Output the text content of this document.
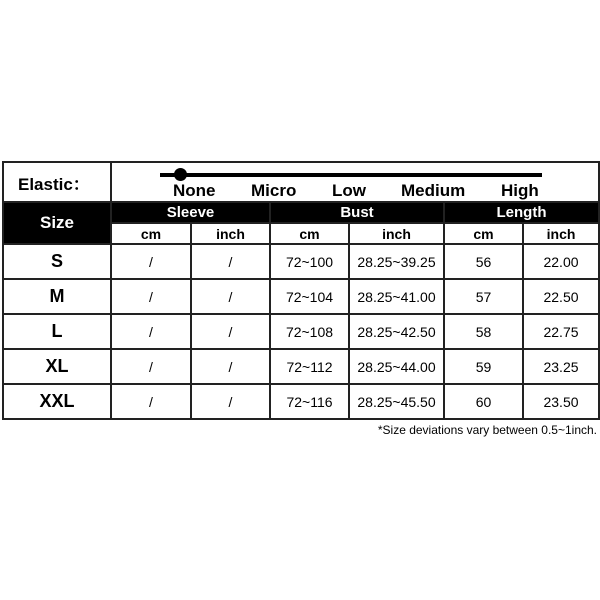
Elastic：	None Micro Low Medium High					

Size	Sleeve		Bust		Length	
	cm	inch	cm	inch	cm	inch
S	/	/	72~100	28.25~39.25	56	22.00
M	/	/	72~104	28.25~41.00	57	22.50
L	/	/	72~108	28.25~42.50	58	22.75
XL	/	/	72~112	28.25~44.00	59	23.25
XXL	/	/	72~116	28.25~45.50	60	23.50
*Size deviations vary between 0.5~1inch.
